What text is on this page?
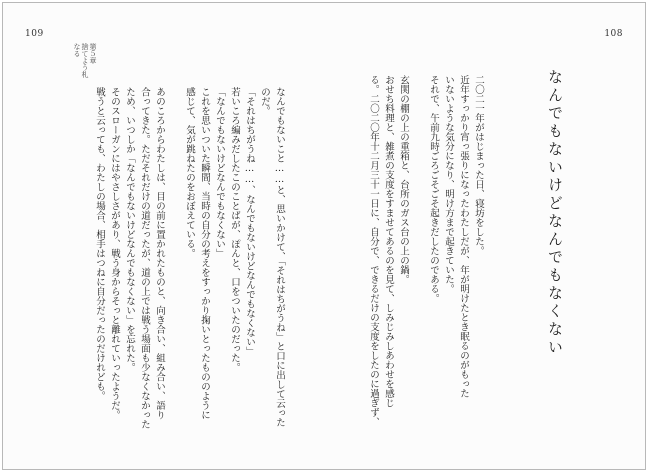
109	108
第５章
捨てよう札
なる
なんでもないけどなんでもなくない
二〇二一年がはじまった日、寝坊をした。
近年すっかり宵っ張りになったわたしだが、年が明けたとき眠るのがもった
いないような気分になり、明け方まで起きていた。
それで、午前九時ごろごそごそ起きだしたのである。
玄関の棚の上の重箱と、台所のガス台の上の鍋。
おせち料理と、雑煮の支度をすませてあるのを見て、しみじみしあわせを感じ
る。二〇二〇年十二月三十一日に、自分で、できるだけの支度をしたのに過ぎず、
なんでもないこと……と、思いかけて、「それはちがうね」と口に出して云った
のだ。
「それはちがうね……、なんでもないけどなんでもなくない」
若いころ編みだしたこのことばが、ぽんと、口をついたのだった。
「なんでもないけどなんでもなくない」
これを思いついた瞬間、当時の自分の考えをすっかり掬いとったもののように
感じて、気が跳ねたのをおぼえている。
あのころからわたしは、目の前に置かれたものと、向き合い、組み合い、語り
合ってきた。ただそれだけの道だったが、道の上では戦う場面も少なくなかった
ため、いつしか「なんでもないけどなんでもなくない」を忘れた。
そのスローガンにはやさしさがあり、戦う身からそっと離れていったようだ。
戦うと云っても、わたしの場合、相手はつねに自分だったのだけれども。
